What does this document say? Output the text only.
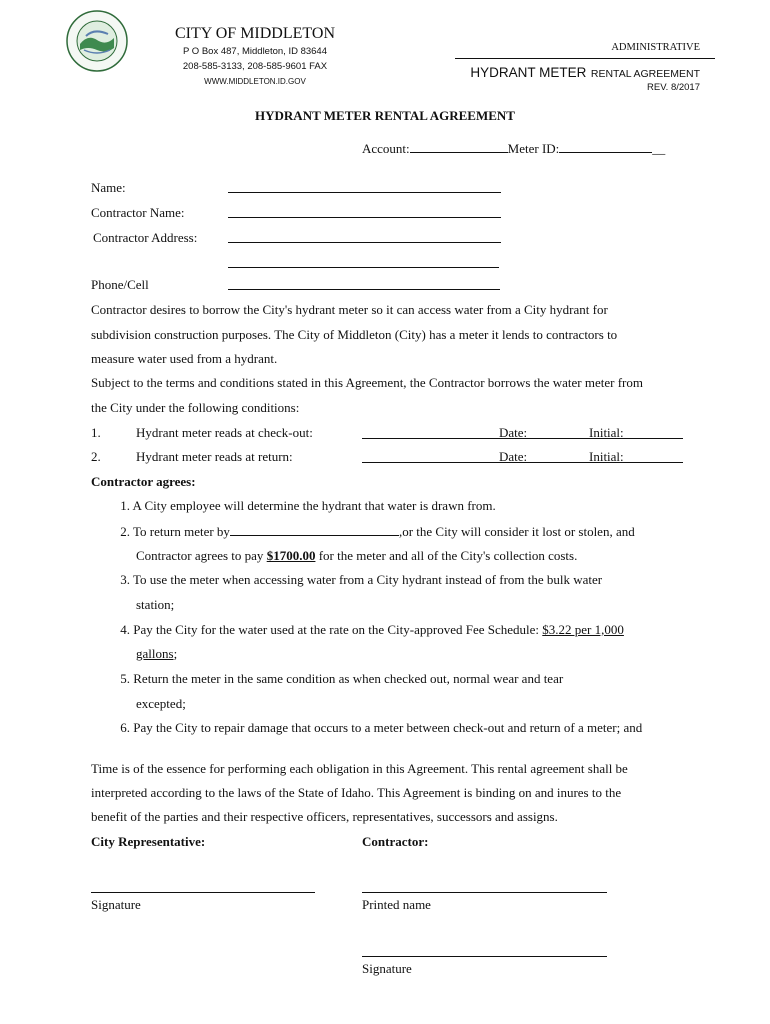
CITY OF MIDDLETON
P O Box 487, Middleton, ID 83644
208-585-3133, 208-585-9601 FAX
WWW.MIDDLETON.ID.GOV
ADMINISTRATIVE
HYDRANT METER RENTAL AGREEMENT
REV. 8/2017
HYDRANT METER RENTAL AGREEMENT
Account:	Meter ID:	__
Name:
Contractor Name:
Contractor Address:
Phone/Cell
Contractor desires to borrow the City's hydrant meter so it can access water from a City hydrant for
subdivision construction purposes. The City of Middleton (City) has a meter it lends to contractors to
measure water used from a hydrant.
Subject to the terms and conditions stated in this Agreement, the Contractor borrows the water meter from
the City under the following conditions:
1.	Hydrant meter reads at check-out:	Date:	Initial:
2.	Hydrant meter reads at return:	Date:	Initial:
Contractor agrees:
1. A City employee will determine the hydrant that water is drawn from.
2. To return meter by	,or the City will consider it lost or stolen, and
Contractor agrees to pay $1700.00 for the meter and all of the City's collection costs.
3. To use the meter when accessing water from a City hydrant instead of from the bulk water
station;
4. Pay the City for the water used at the rate on the City-approved Fee Schedule: $3.22 per 1,000
gallons;
5. Return the meter in the same condition as when checked out, normal wear and tear
excepted;
6. Pay the City to repair damage that occurs to a meter between check-out and return of a meter; and
Time is of the essence for performing each obligation in this Agreement. This rental agreement shall be
interpreted according to the laws of the State of Idaho. This Agreement is binding on and inures to the
benefit of the parties and their respective officers, representatives, successors and assigns.
City Representative:	Contractor:
Signature	Printed name
Signature
